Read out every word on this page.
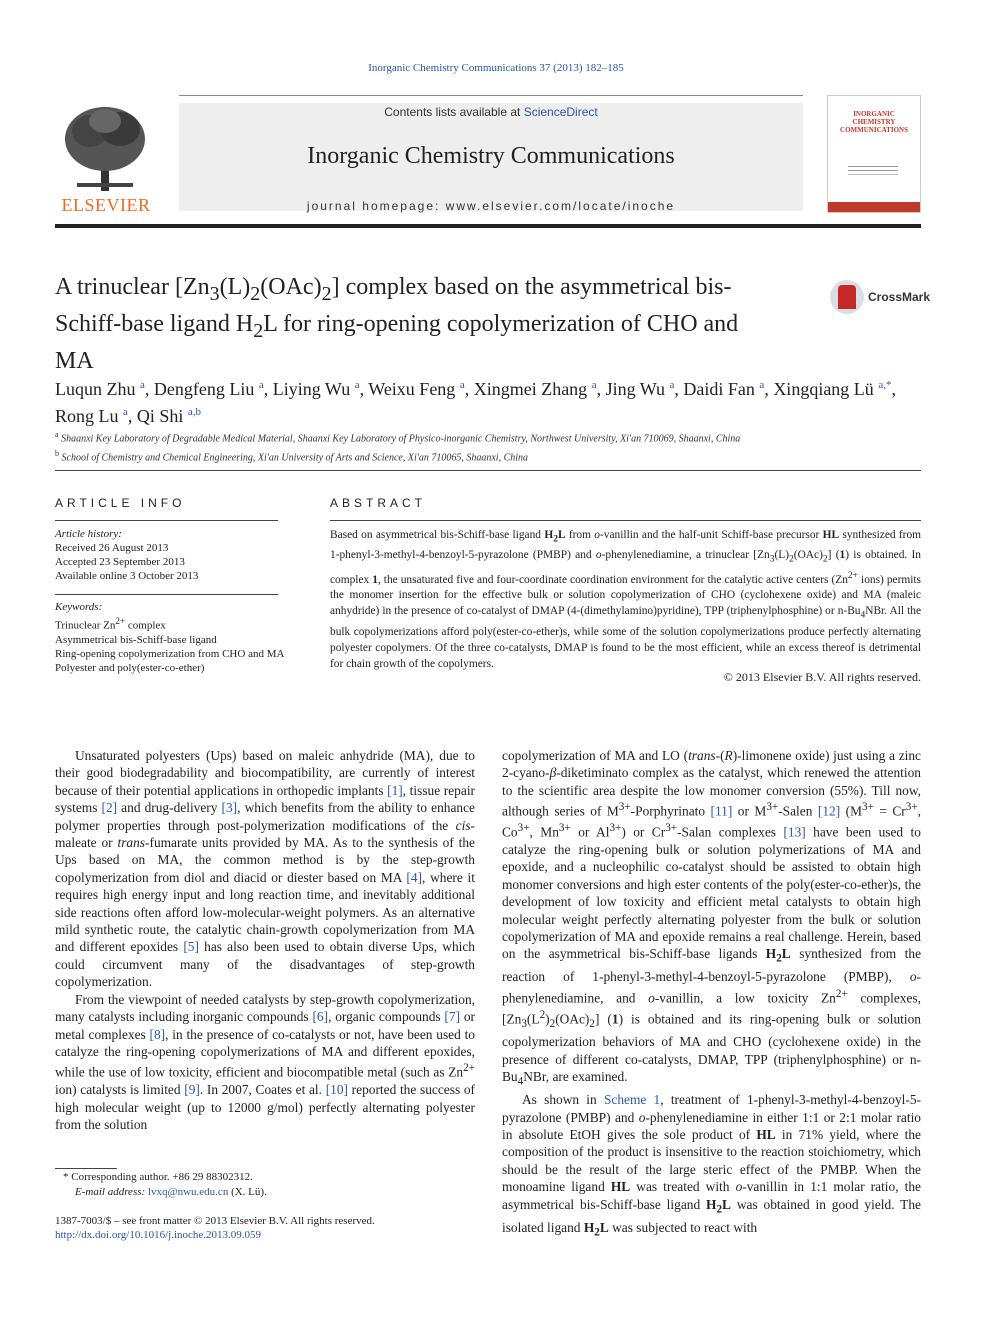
Inorganic Chemistry Communications 37 (2013) 182–185
ELSEVIER
Contents lists available at ScienceDirect
Inorganic Chemistry Communications
journal homepage: www.elsevier.com/locate/inoche
INORGANIC CHEMISTRY COMMUNICATIONS
A trinuclear $[Zn_3(L)_2(OAc)_2]$ complex based on the asymmetrical bis-Schiff-base ligand $H_2L$ for ring-opening copolymerization of CHO and MA
CrossMark
Luqun Zhu $^a$, Dengfeng Liu $^a$, Liying Wu $^a$, Weixu Feng $^a$, Xingmei Zhang $^a$, Jing Wu $^a$, Daidi Fan $^a$, Xingqiang Lü $^{a,*}$, Rong Lu $^a$, Qi Shi $^{a,b}$
$^a$ Shaanxi Key Laboratory of Degradable Medical Material, Shaanxi Key Laboratory of Physico-inorganic Chemistry, Northwest University, Xi'an 710069, Shaanxi, China
$^b$ School of Chemistry and Chemical Engineering, Xi'an University of Arts and Science, Xi'an 710065, Shaanxi, China
ARTICLE INFO
Article history:
Received 26 August 2013
Accepted 23 September 2013
Available online 3 October 2013
Keywords:
Trinuclear $Zn^{2+}$ complex
Asymmetrical bis-Schiff-base ligand
Ring-opening copolymerization from CHO and MA
Polyester and poly(ester-co-ether)
ABSTRACT
Based on asymmetrical bis-Schiff-base ligand $H_2L$ from o-vanillin and the half-unit Schiff-base precursor HL synthesized from 1-phenyl-3-methyl-4-benzoyl-5-pyrazolone (PMBP) and o-phenylenediamine, a trinuclear $[Zn_3(L)_2(OAc)_2]$ (1) is obtained. In complex 1, the unsaturated five and four-coordinate coordination environment for the catalytic active centers ($Zn^{2+}$ ions) permits the monomer insertion for the effective bulk or solution copolymerization of CHO (cyclohexene oxide) and MA (maleic anhydride) in the presence of co-catalyst of DMAP (4-(dimethylamino)pyridine), TPP (triphenylphosphine) or $n-Bu_4NBr$. All the bulk copolymerizations afford poly(ester-co-ether)s, while some of the solution copolymerizations produce perfectly alternating polyester copolymers. Of the three co-catalysts, DMAP is found to be the most efficient, while an excess thereof is detrimental for chain growth of the copolymers.
© 2013 Elsevier B.V. All rights reserved.

Unsaturated polyesters (Ups) based on maleic anhydride (MA), due to their good biodegradability and biocompatibility, are currently of interest because of their potential applications in orthopedic implants [1], tissue repair systems [2] and drug-delivery [3], which benefits from the ability to enhance polymer properties through post-polymerization modifications of the cis-maleate or trans-fumarate units provided by MA. As to the synthesis of the Ups based on MA, the common method is by the step-growth copolymerization from diol and diacid or diester based on MA [4], where it requires high energy input and long reaction time, and inevitably additional side reactions often afford low-molecular-weight polymers. As an alternative mild synthetic route, the catalytic chain-growth copolymerization from MA and different epoxides [5] has also been used to obtain diverse Ups, which could circumvent many of the disadvantages of step-growth copolymerization.

From the viewpoint of needed catalysts by step-growth copolymerization, many catalysts including inorganic compounds [6], organic compounds [7] or metal complexes [8], in the presence of co-catalysts or not, have been used to catalyze the ring-opening copolymerizations of MA and different epoxides, while the use of low toxicity, efficient and biocompatible metal (such as $Zn^{2+}$ ion) catalysts is limited [9]. In 2007, Coates et al. [10] reported the success of high molecular weight (up to 12000 g/mol) perfectly alternating polyester from the solution

copolymerization of MA and LO (trans-(R)-limonene oxide) just using a zinc 2-cyano-β-diketiminato complex as the catalyst, which renewed the attention to the scientific area despite the low monomer conversion (55%). Till now, although series of $M^{3+}$-Porphyrinato [11] or $M^{3+}$-Salen [12] ($M^{3+} = Cr^{3+}$, $Co^{3+}$, $Mn^{3+}$ or $Al^{3+}$) or $Cr^{3+}$-Salan complexes [13] have been used to catalyze the ring-opening bulk or solution polymerizations of MA and epoxide, and a nucleophilic co-catalyst should be assisted to obtain high monomer conversions and high ester contents of the poly(ester-co-ether)s, the development of low toxicity and efficient metal catalysts to obtain high molecular weight perfectly alternating polyester from the bulk or solution copolymerization of MA and epoxide remains a real challenge. Herein, based on the asymmetrical bis-Schiff-base ligands $H_2L$ synthesized from the reaction of 1-phenyl-3-methyl-4-benzoyl-5-pyrazolone (PMBP), o-phenylenediamine, and o-vanillin, a low toxicity $Zn^{2+}$ complexes, $[Zn_3(L^2)_2(OAc)_2]$ (1) is obtained and its ring-opening bulk or solution copolymerization behaviors of MA and CHO (cyclohexene oxide) in the presence of different co-catalysts, DMAP, TPP (triphenylphosphine) or $n-Bu_4NBr$, are examined.

As shown in Scheme 1, treatment of 1-phenyl-3-methyl-4-benzoyl-5-pyrazolone (PMBP) and o-phenylenediamine in either 1:1 or 2:1 molar ratio in absolute EtOH gives the sole product of HL in 71% yield, where the composition of the product is insensitive to the reaction stoichiometry, which should be the result of the large steric effect of the PMBP. When the monoamine ligand HL was treated with o-vanillin in 1:1 molar ratio, the asymmetrical bis-Schiff-base ligand $H_2L$ was obtained in good yield. The isolated ligand $H_2L$ was subjected to react with

* Corresponding author. +86 29 88302312.
E-mail address: lvxq@nwu.edu.cn (X. Lü).
1387-7003/$ – see front matter © 2013 Elsevier B.V. All rights reserved.
http://dx.doi.org/10.1016/j.inoche.2013.09.059
